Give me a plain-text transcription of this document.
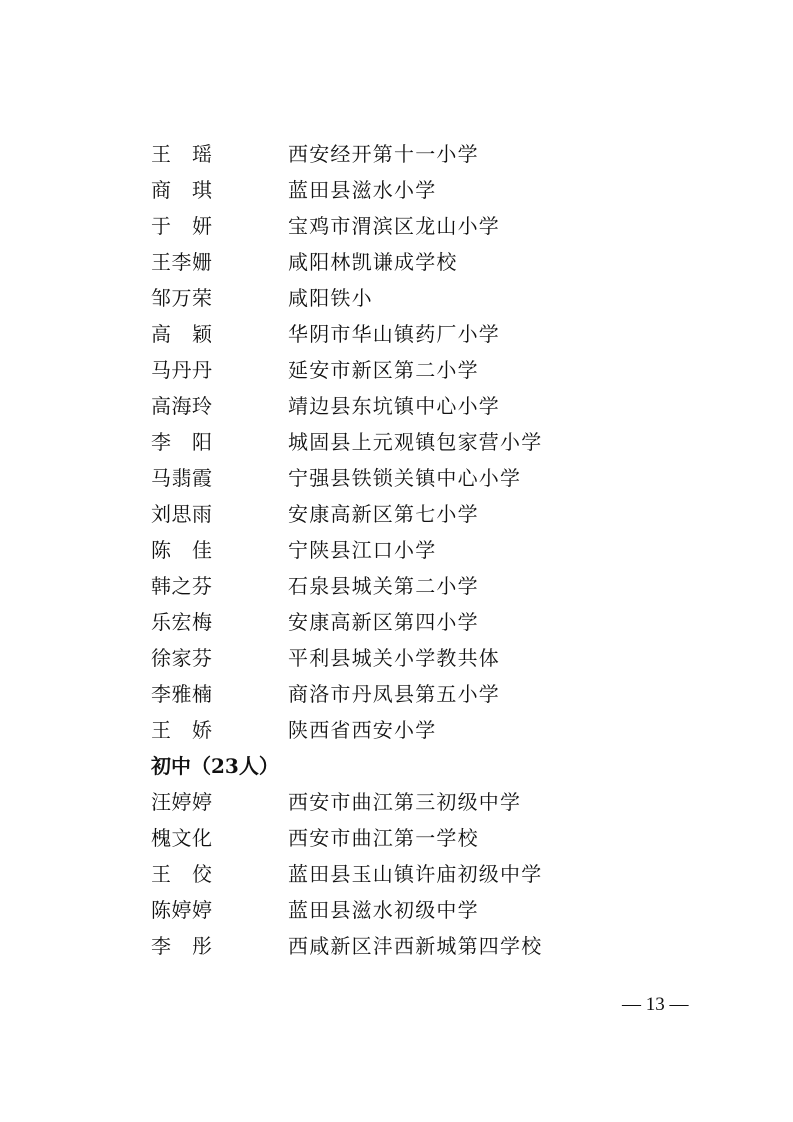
王　瑶	西安经开第十一小学
商　琪	蓝田县滋水小学
于　妍	宝鸡市渭滨区龙山小学
王李姗	咸阳林凯谦成学校
邹万荣	咸阳铁小
高　颖	华阴市华山镇药厂小学
马丹丹	延安市新区第二小学
高海玲	靖边县东坑镇中心小学
李　阳	城固县上元观镇包家营小学
马翡霞	宁强县铁锁关镇中心小学
刘思雨	安康高新区第七小学
陈　佳	宁陕县江口小学
韩之芬	石泉县城关第二小学
乐宏梅	安康高新区第四小学
徐家芬	平利县城关小学教共体
李雅楠	商洛市丹凤县第五小学
王　娇	陕西省西安小学
初中（23人）
汪婷婷	西安市曲江第三初级中学
槐文化	西安市曲江第一学校
王　佼	蓝田县玉山镇许庙初级中学
陈婷婷	蓝田县滋水初级中学
李　彤	西咸新区沣西新城第四学校
— 13 —
